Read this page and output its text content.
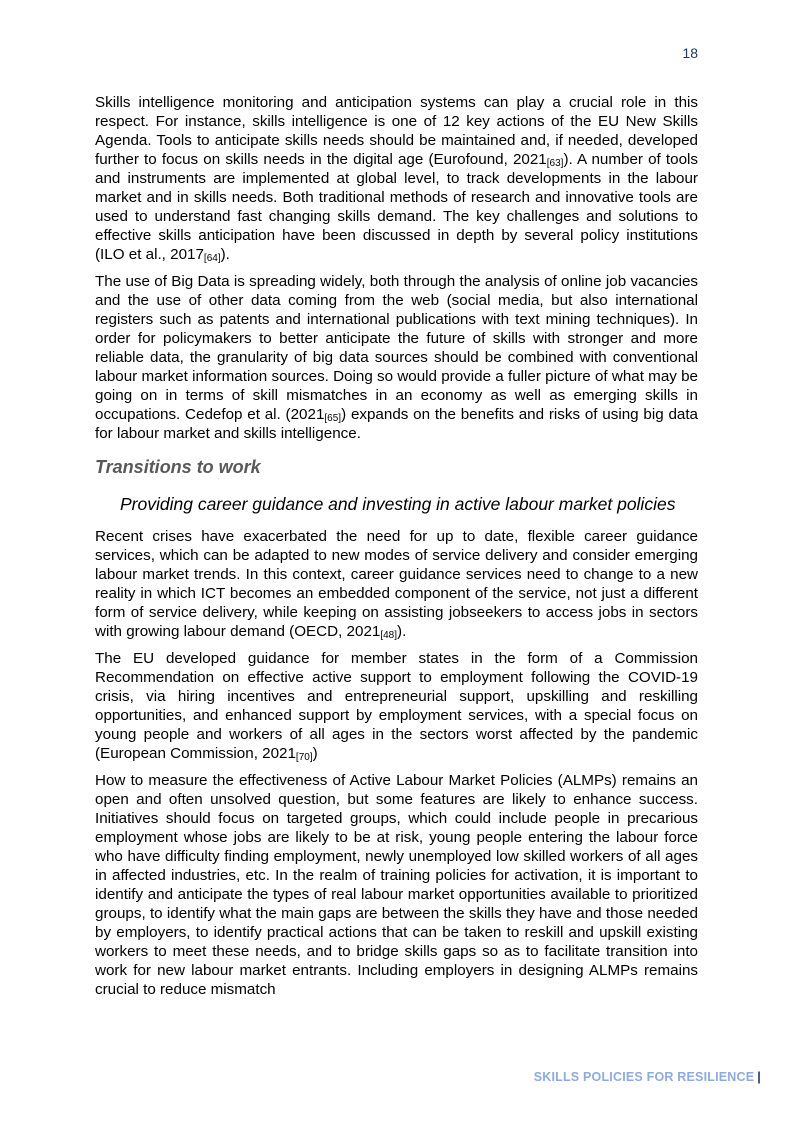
18

Skills intelligence monitoring and anticipation systems can play a crucial role in this respect. For instance, skills intelligence is one of 12 key actions of the EU New Skills Agenda. Tools to anticipate skills needs should be maintained and, if needed, developed further to focus on skills needs in the digital age (Eurofound, $2021_{[63]}$). A number of tools and instruments are implemented at global level, to track developments in the labour market and in skills needs. Both traditional methods of research and innovative tools are used to understand fast changing skills demand. The key challenges and solutions to effective skills anticipation have been discussed in depth by several policy institutions (ILO et al., $2017_{[64]}$).

The use of Big Data is spreading widely, both through the analysis of online job vacancies and the use of other data coming from the web (social media, but also international registers such as patents and international publications with text mining techniques). In order for policymakers to better anticipate the future of skills with stronger and more reliable data, the granularity of big data sources should be combined with conventional labour market information sources. Doing so would provide a fuller picture of what may be going on in terms of skill mismatches in an economy as well as emerging skills in occupations. Cedefop et al. $(2021_{[65]})$ expands on the benefits and risks of using big data for labour market and skills intelligence.

Transitions to work
Providing career guidance and investing in active labour market policies

Recent crises have exacerbated the need for up to date, flexible career guidance services, which can be adapted to new modes of service delivery and consider emerging labour market trends. In this context, career guidance services need to change to a new reality in which ICT becomes an embedded component of the service, not just a different form of service delivery, while keeping on assisting jobseekers to access jobs in sectors with growing labour demand (OECD, $2021_{[48]}$).

The EU developed guidance for member states in the form of a Commission Recommendation on effective active support to employment following the COVID-19 crisis, via hiring incentives and entrepreneurial support, upskilling and reskilling opportunities, and enhanced support by employment services, with a special focus on young people and workers of all ages in the sectors worst affected by the pandemic (European Commission, $2021_{[70]}$)

How to measure the effectiveness of Active Labour Market Policies (ALMPs) remains an open and often unsolved question, but some features are likely to enhance success. Initiatives should focus on targeted groups, which could include people in precarious employment whose jobs are likely to be at risk, young people entering the labour force who have difficulty finding employment, newly unemployed low skilled workers of all ages in affected industries, etc. In the realm of training policies for activation, it is important to identify and anticipate the types of real labour market opportunities available to prioritized groups, to identify what the main gaps are between the skills they have and those needed by employers, to identify practical actions that can be taken to reskill and upskill existing workers to meet these needs, and to bridge skills gaps so as to facilitate transition into work for new labour market entrants. Including employers in designing ALMPs remains crucial to reduce mismatch

SKILLS POLICIES FOR RESILIENCE |
